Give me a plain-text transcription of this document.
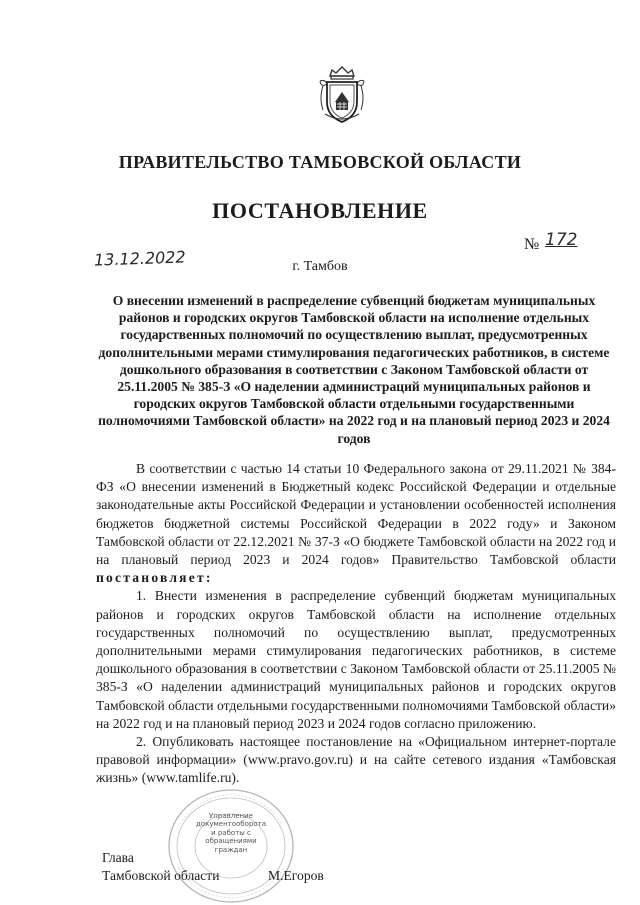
ПРАВИТЕЛЬСТВО ТАМБОВСКОЙ ОБЛАСТИ
ПОСТАНОВЛЕНИЕ
13.12.2022
№ 172
г. Тамбов
О внесении изменений в распределение субвенций бюджетам муниципальных районов и городских округов Тамбовской области на исполнение отдельных государственных полномочий по осуществлению выплат, предусмотренных дополнительными мерами стимулирования педагогических работников, в системе дошкольного образования в соответствии с Законом Тамбовской области от 25.11.2005 № 385-З «О наделении администраций муниципальных районов и городских округов Тамбовской области отдельными государственными полномочиями Тамбовской области» на 2022 год и на плановый период 2023 и 2024 годов

В соответствии с частью 14 статьи 10 Федерального закона от 29.11.2021 № 384-ФЗ «О внесении изменений в Бюджетный кодекс Российской Федерации и отдельные законодательные акты Российской Федерации и установлении особенностей исполнения бюджетов бюджетной системы Российской Федерации в 2022 году» и Законом Тамбовской области от 22.12.2021 № 37-З «О бюджете Тамбовской области на 2022 год и на плановый период 2023 и 2024 годов» Правительство Тамбовской области постановляет:

1. Внести изменения в распределение субвенций бюджетам муниципальных районов и городских округов Тамбовской области на исполнение отдельных государственных полномочий по осуществлению выплат, предусмотренных дополнительными мерами стимулирования педагогических работников, в системе дошкольного образования в соответствии с Законом Тамбовской области от 25.11.2005 № 385-З «О наделении администраций муниципальных районов и городских округов Тамбовской области отдельными государственными полномочиями Тамбовской области» на 2022 год и на плановый период 2023 и 2024 годов согласно приложению.

2. Опубликовать настоящее постановление на «Официальном интернет-портале правовой информации» (www.pravo.gov.ru) и на сайте сетевого издания «Тамбовская жизнь» (www.tamlife.ru).

Управление документооборота и работы с обращениями граждан
Глава
Тамбовской области	М.Егоров
